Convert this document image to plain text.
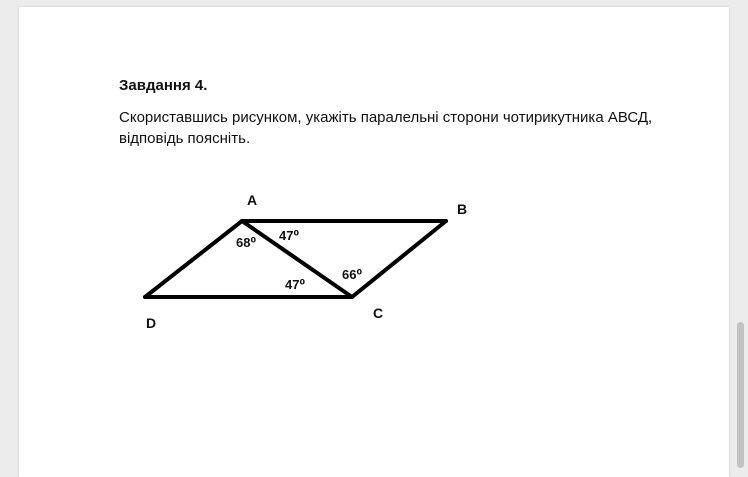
Завдання 4.
Скориставшись рисунком, укажіть паралельні сторони чотирикутника АВСД, відповідь поясніть.
A
B
C
D
68⁰ 47⁰
47⁰
66⁰
